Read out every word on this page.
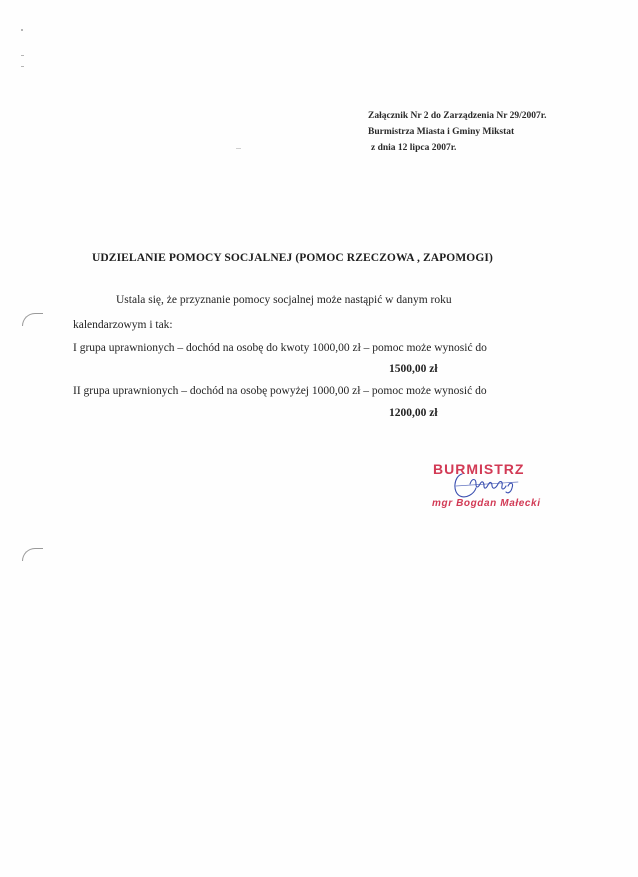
Załącznik Nr 2 do Zarządzenia Nr 29/2007r.
Burmistrza Miasta i Gminy Mikstat
z dnia 12 lipca 2007r.
UDZIELANIE POMOCY SOCJALNEJ (POMOC RZECZOWA , ZAPOMOGI)
Ustala się, że przyznanie pomocy socjalnej może nastąpić w danym roku
kalendarzowym i tak:
I grupa uprawnionych – dochód na osobę do kwoty 1000,00 zł – pomoc może wynosić do
1500,00 zł
II grupa uprawnionych – dochód na osobę powyżej 1000,00 zł – pomoc może wynosić do
1200,00 zł
BURMISTRZ
mgr Bogdan Małecki
